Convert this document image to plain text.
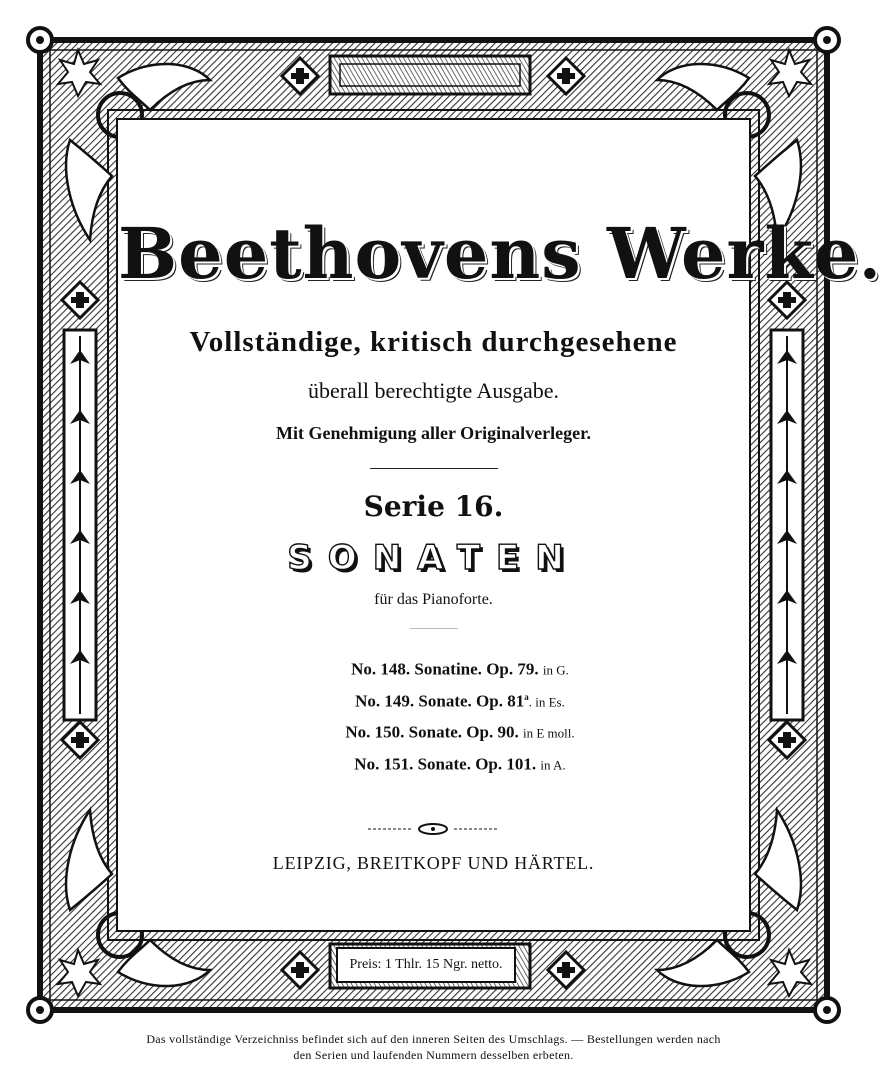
Beethovens Werke.
Vollständige, kritisch durchgesehene
überall berechtigte Ausgabe.
Mit Genehmigung aller Originalverleger.
Serie 16.
SONATEN
für das Pianoforte.
No. 148. Sonatine. Op. 79. in G.
No. 149. Sonate. Op. 81$^a$. in Es.
No. 150. Sonate. Op. 90. in E moll.
No. 151. Sonate. Op. 101. in A.
LEIPZIG, BREITKOPF UND HÄRTEL.
Preis: 1 Thlr. 15 Ngr. netto.
Das vollständige Verzeichniss befindet sich auf den inneren Seiten des Umschlags. — Bestellungen werden nach
den Serien und laufenden Nummern desselben erbeten.
